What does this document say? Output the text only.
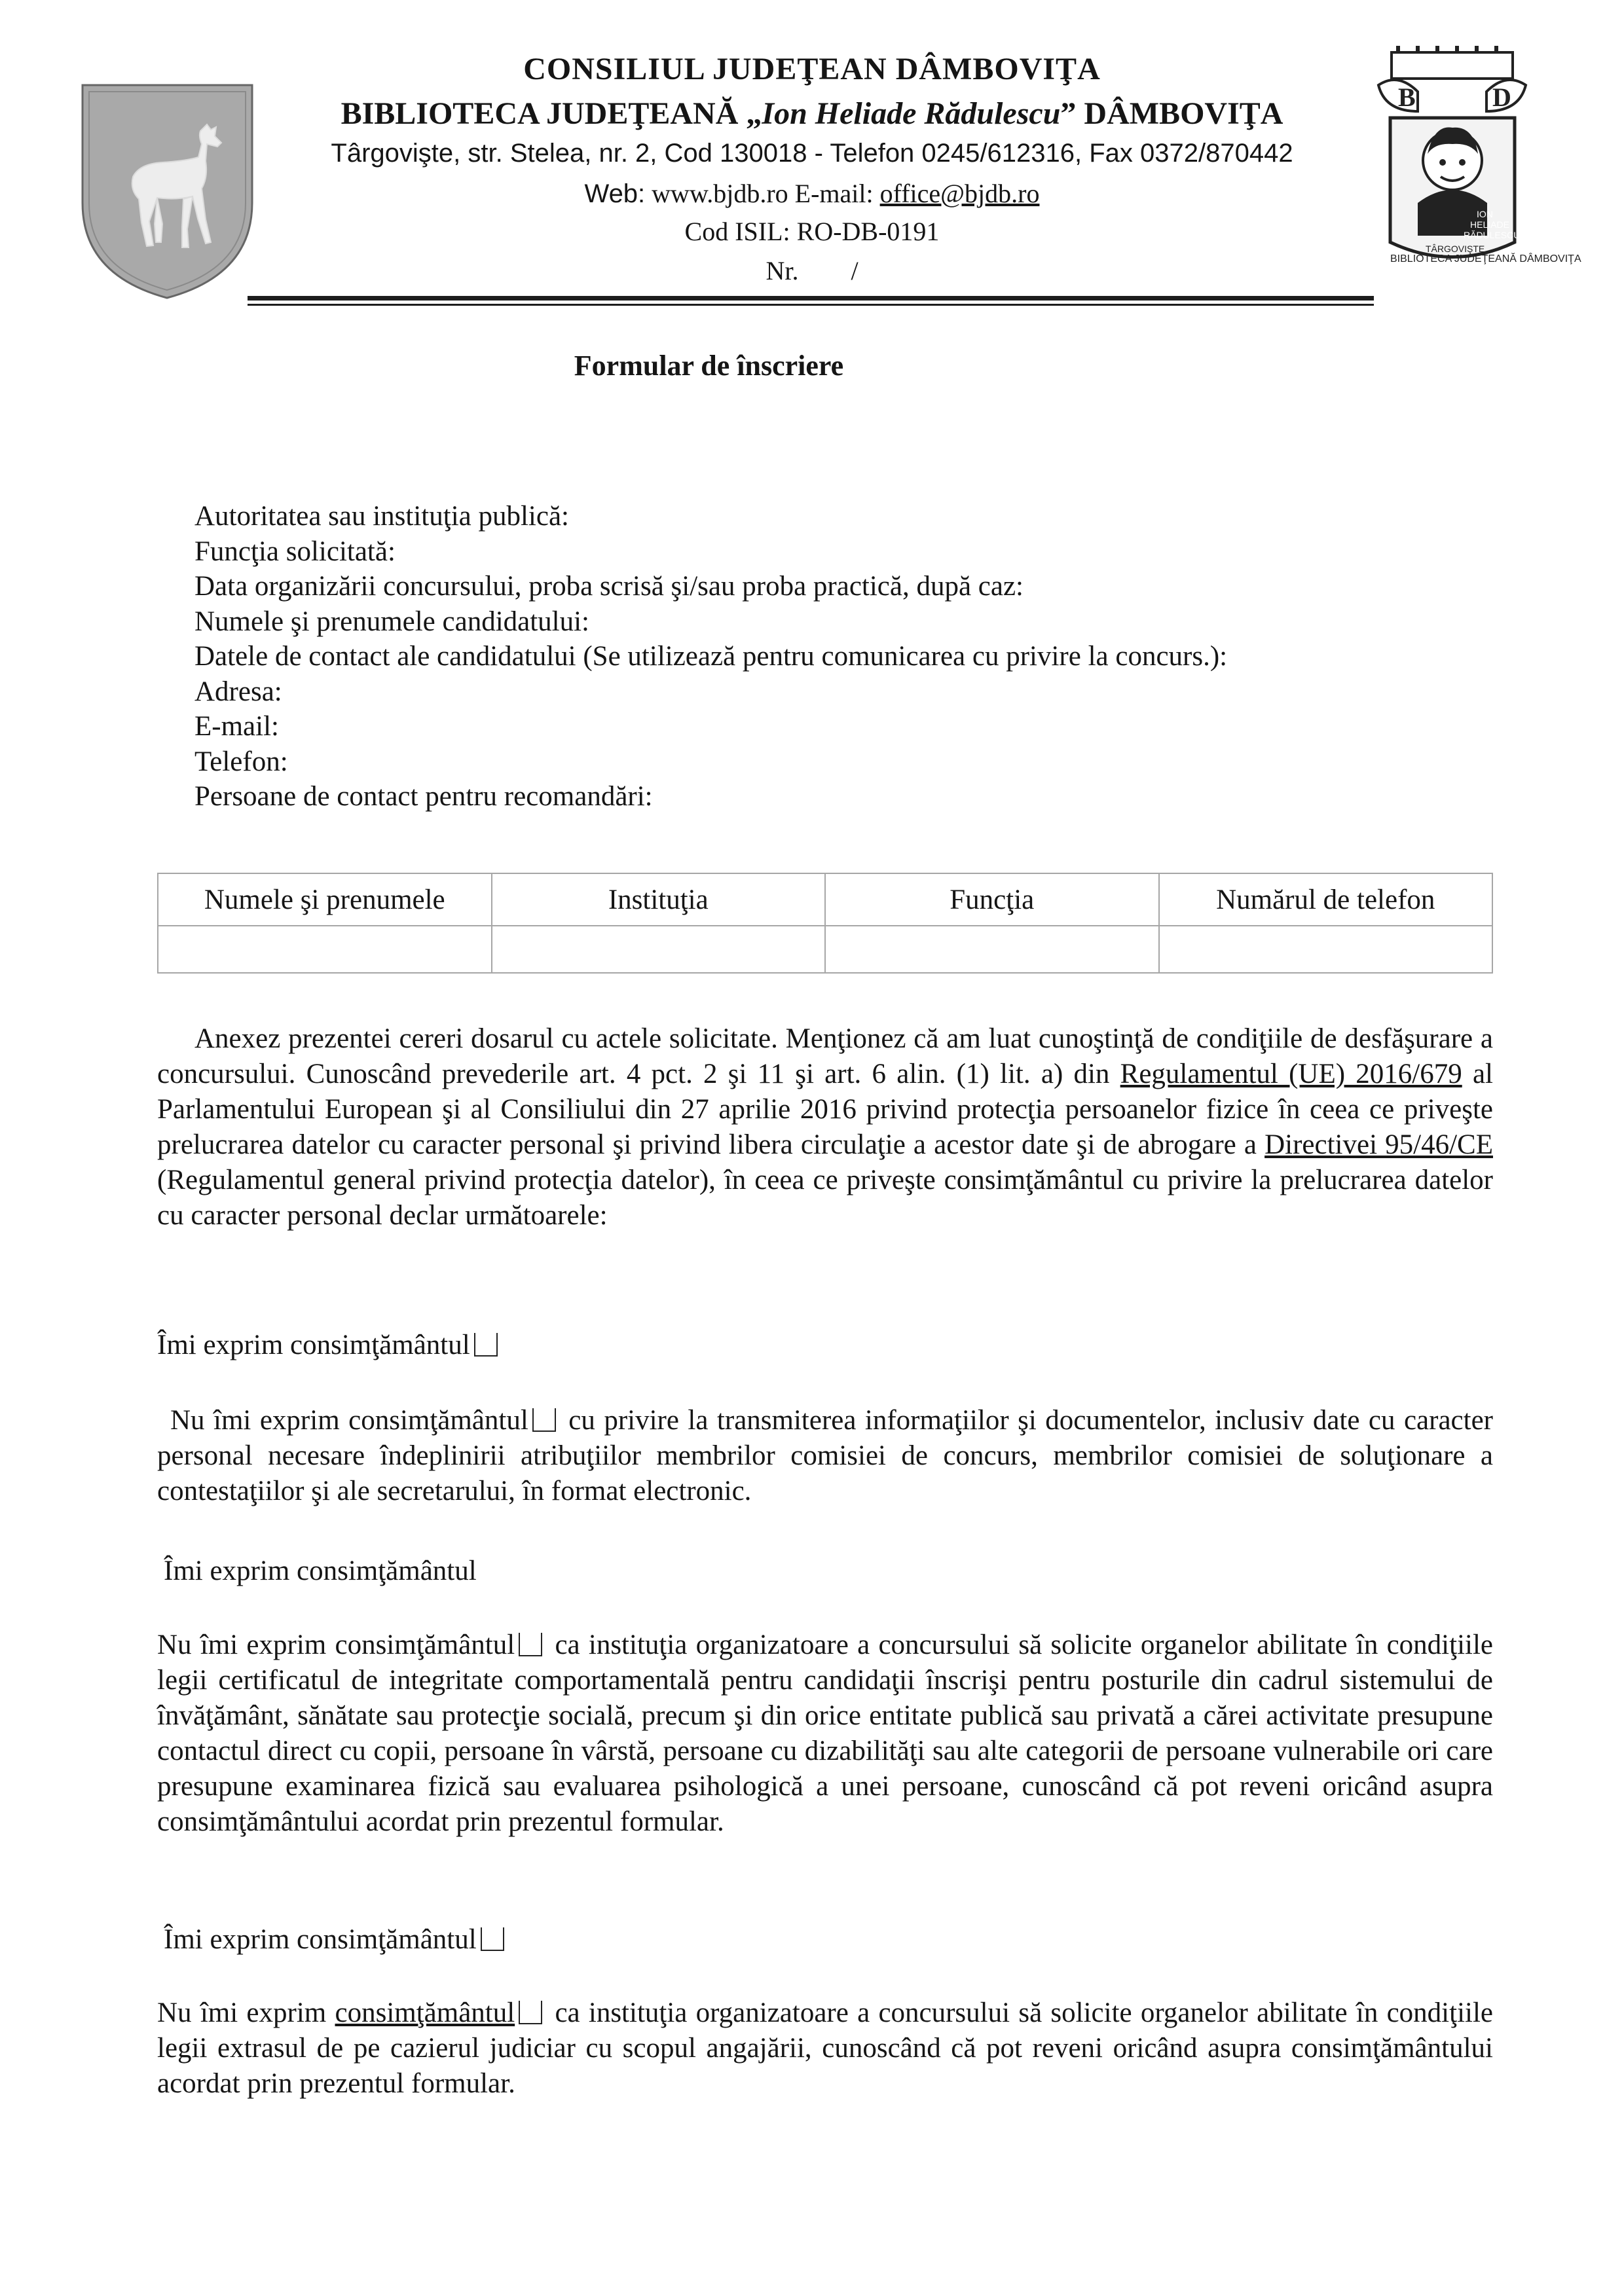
B	D
BIBLIOTECA JUDEŢEANĂ DÂMBOVIŢA
ION
HELIADE
RĂDULESCU
TÂRGOVIŞTE

CONSILIUL JUDEŢEAN DÂMBOVIŢA

BIBLIOTECA JUDEŢEANĂ „Ion Heliade Rădulescu” DÂMBOVIŢA

Târgovişte, str. Stelea, nr. 2, Cod 130018 - Telefon 0245/612316, Fax 0372/870442

Web: www.bjdb.ro E-mail: office@bjdb.ro

Cod ISIL: RO-DB-0191

Nr.        /

Formular de înscriere

Autoritatea sau instituţia publică:
Funcţia solicitată:
Data organizării concursului, proba scrisă şi/sau proba practică, după caz:
Numele şi prenumele candidatului:
Datele de contact ale candidatului (Se utilizează pentru comunicarea cu privire la concurs.):
Adresa:
E-mail:
Telefon:
Persoane de contact pentru recomandări:
Numele şi prenumele	Instituţia	Funcţia	Numărul de telefon

Anexez prezentei cereri dosarul cu actele solicitate. Menţionez că am luat cunoştinţă de condiţiile de desfăşurare a concursului. Cunoscând prevederile art. 4 pct. 2 şi 11 şi art. 6 alin. (1) lit. a) din Regulamentul (UE) 2016/679 al Parlamentului European şi al Consiliului din 27 aprilie 2016 privind protecţia persoanelor fizice în ceea ce priveşte prelucrarea datelor cu caracter personal şi privind libera circulaţie a acestor date şi de abrogare a Directivei 95/46/CE (Regulamentul general privind protecţia datelor), în ceea ce priveşte consimţământul cu privire la prelucrarea datelor cu caracter personal declar următoarele:

Îmi exprim consimţământul

Nu îmi exprim consimţământul cu privire la transmiterea informaţiilor şi documentelor, inclusiv date cu caracter personal necesare îndeplinirii atribuţiilor membrilor comisiei de concurs, membrilor comisiei de soluţionare a contestaţiilor şi ale secretarului, în format electronic.

Îmi exprim consimţământul

Nu îmi exprim consimţământul ca instituţia organizatoare a concursului să solicite organelor abilitate în condiţiile legii certificatul de integritate comportamentală pentru candidaţii înscrişi pentru posturile din cadrul sistemului de învăţământ, sănătate sau protecţie socială, precum şi din orice entitate publică sau privată a cărei activitate presupune contactul direct cu copii, persoane în vârstă, persoane cu dizabilităţi sau alte categorii de persoane vulnerabile ori care presupune examinarea fizică sau evaluarea psihologică a unei persoane, cunoscând că pot reveni oricând asupra consimţământului acordat prin prezentul formular.

Îmi exprim consimţământul

Nu îmi exprim consimţământul ca instituţia organizatoare a concursului să solicite organelor abilitate în condiţiile legii extrasul de pe cazierul judiciar cu scopul angajării, cunoscând că pot reveni oricând asupra consimţământului acordat prin prezentul formular.
